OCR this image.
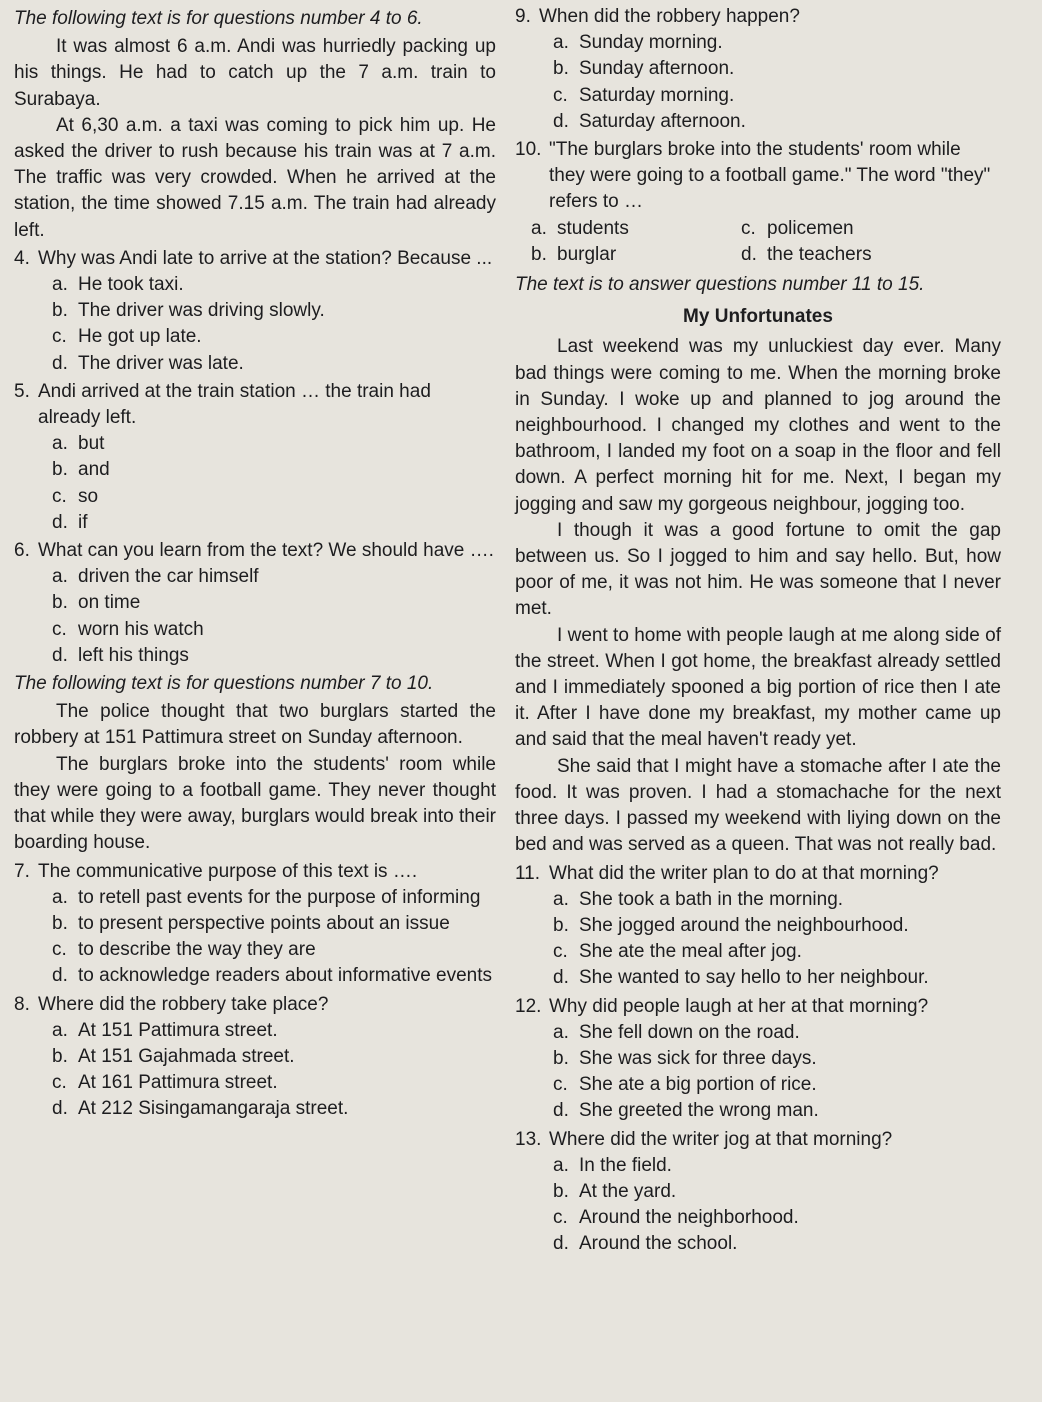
The following text is for questions number 4 to 6.

It was almost 6 a.m. Andi was hurriedly packing up his things. He had to catch up the 7 a.m. train to Surabaya.

At 6,30 a.m. a taxi was coming to pick him up. He asked the driver to rush because his train was at 7 a.m. The traffic was very crowded. When he arrived at the station, the time showed 7.15 a.m. The train had already left.

4. Why was Andi late to arrive at the station? Because ...
a. He took taxi.
b. The driver was driving slowly.
c. He got up late.
d. The driver was late.
5. Andi arrived at the train station … the train had already left.
a. but
b. and
c. so
d. if
6. What can you learn from the text? We should have ….
a. driven the car himself
b. on time
c. worn his watch
d. left his things

The following text is for questions number 7 to 10.

The police thought that two burglars started the robbery at 151 Pattimura street on Sunday afternoon.

The burglars broke into the students' room while they were going to a football game. They never thought that while they were away, burglars would break into their boarding house.

7. The communicative purpose of this text is ….
a. to retell past events for the purpose of informing
b. to present perspective points about an issue
c. to describe the way they are
d. to acknowledge readers about informative events
8. Where did the robbery take place?
a. At 151 Pattimura street.
b. At 151 Gajahmada street.
c. At 161 Pattimura street.
d. At 212 Sisingamangaraja street.
9. When did the robbery happen?
a. Sunday morning.
b. Sunday afternoon.
c. Saturday morning.
d. Saturday afternoon.
10. "The burglars broke into the students' room while they were going to a football game." The word "they" refers to …
a. students	c. policemen
b. burglar	d. the teachers

The text is to answer questions number 11 to 15.

My Unfortunates

Last weekend was my unluckiest day ever. Many bad things were coming to me. When the morning broke in Sunday. I woke up and planned to jog around the neighbourhood. I changed my clothes and went to the bathroom, I landed my foot on a soap in the floor and fell down. A perfect morning hit for me. Next, I began my jogging and saw my gorgeous neighbour, jogging too.

I though it was a good fortune to omit the gap between us. So I jogged to him and say hello. But, how poor of me, it was not him. He was someone that I never met.

I went to home with people laugh at me along side of the street. When I got home, the breakfast already settled and I immediately spooned a big portion of rice then I ate it. After I have done my breakfast, my mother came up and said that the meal haven't ready yet.

She said that I might have a stomache after I ate the food. It was proven. I had a stomachache for the next three days. I passed my weekend with liying down on the bed and was served as a queen. That was not really bad.

11. What did the writer plan to do at that morning?
a. She took a bath in the morning.
b. She jogged around the neighbourhood.
c. She ate the meal after jog.
d. She wanted to say hello to her neighbour.
12. Why did people laugh at her at that morning?
a. She fell down on the road.
b. She was sick for three days.
c. She ate a big portion of rice.
d. She greeted the wrong man.
13. Where did the writer jog at that morning?
a. In the field.
b. At the yard.
c. Around the neighborhood.
d. Around the school.
